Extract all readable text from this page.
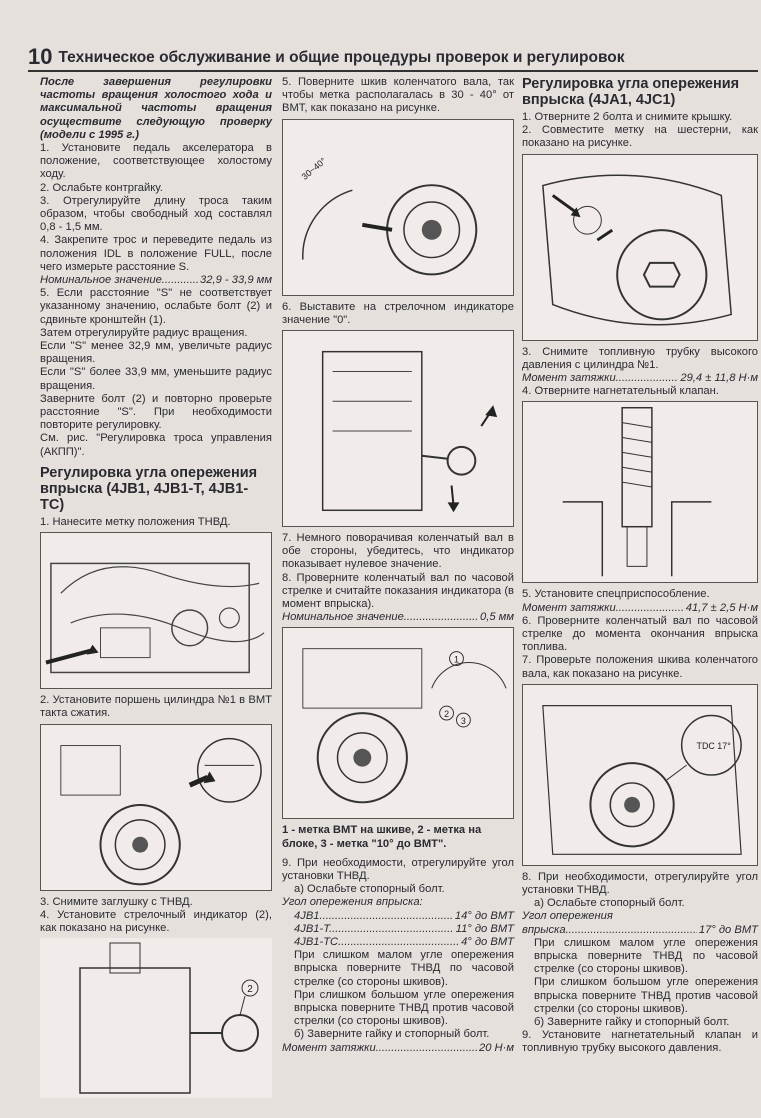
10 Техническое обслуживание и общие процедуры проверок и регулировок

После завершения регулировки частоты вращения холостого хода и максимальной частоты вращения осуществите следующую проверку (модели с 1995 г.)

1. Установите педаль акселератора в положение, соответствующее холостому ходу.

2. Ослабьте контргайку.

3. Отрегулируйте длину троса таким образом, чтобы свободный ход составлял 0,8 - 1,5 мм.

4. Закрепите трос и переведите педаль из положения IDL в положение FULL, после чего измерьте расстояние S.

Номинальное значение .....	32,9 - 33,9 мм

5. Если расстояние "S" не соответствует указанному значению, ослабьте болт (2) и сдвиньте кронштейн (1).

Затем отрегулируйте радиус вращения.

Если "S" менее 32,9 мм, увеличьте радиус вращения.

Если "S" более 33,9 мм, уменьшите радиус вращения.

Заверните болт (2) и повторно проверьте расстояние "S". При необходимости повторите регулировку.

См. рис. "Регулировка троса управления (АКПП)".

Регулировка угла опережения впрыска (4JB1, 4JB1-T, 4JB1-TC)

1. Нанесите метку положения ТНВД.

2. Установите поршень цилиндра №1 в ВМТ такта сжатия.

3. Снимите заглушку с ТНВД.

4. Установите стрелочный индикатор (2), как показано на рисунке.

2

5. Поверните шкив коленчатого вала, так чтобы метка располагалась в 30 - 40° от ВМТ, как показано на рисунке.

30~40°

6. Выставите на стрелочном индикаторе значение "0".

7. Немного поворачивая коленчатый вал в обе стороны, убедитесь, что индикатор показывает нулевое значение.

8. Проверните коленчатый вал по часовой стрелке и считайте показания индикатора (в момент впрыска).

Номинальное значение .....	0,5 мм
1
2
3

1 - метка ВМТ на шкиве, 2 - метка на блоке, 3 - метка "10° до ВМТ".

9. При необходимости, отрегулируйте угол установки ТНВД.

а) Ослабьте стопорный болт.

Угол опережения впрыска:

4JB1 .....	14° до ВМТ
4JB1-T .....	11° до ВМТ
4JB1-TC .....	4° до ВМТ

При слишком малом угле опережения впрыска поверните ТНВД по часовой стрелке (со стороны шкивов).

При слишком большом угле опережения впрыска поверните ТНВД против часовой стрелки (со стороны шкивов).

б) Заверните гайку и стопорный болт.

Момент затяжки .....	20 Н·м
Регулировка угла опережения впрыска (4JA1, 4JC1)

1. Отверните 2 болта и снимите крышку.

2. Совместите метку на шестерни, как показано на рисунке.

3. Снимите топливную трубку высокого давления с цилиндра №1.

Момент затяжки .....	29,4 ± 11,8 Н·м

4. Отверните нагнетательный клапан.

5. Установите спецприспособление.

Момент затяжки .....	41,7 ± 2,5 Н·м

6. Проверните коленчатый вал по часовой стрелке до момента окончания впрыска топлива.

7. Проверьте положения шкива коленчатого вала, как показано на рисунке.

TDC 17°

8. При необходимости, отрегулируйте угол установки ТНВД.

а) Ослабьте стопорный болт.

Угол опережения

впрыска .....	17° до ВМТ

При слишком малом угле опережения впрыска поверните ТНВД по часовой стрелке (со стороны шкивов).

При слишком большом угле опережения впрыска поверните ТНВД против часовой стрелки (со стороны шкивов).

б) Заверните гайку и стопорный болт.

9. Установите нагнетательный клапан и топливную трубку высокого давления.
